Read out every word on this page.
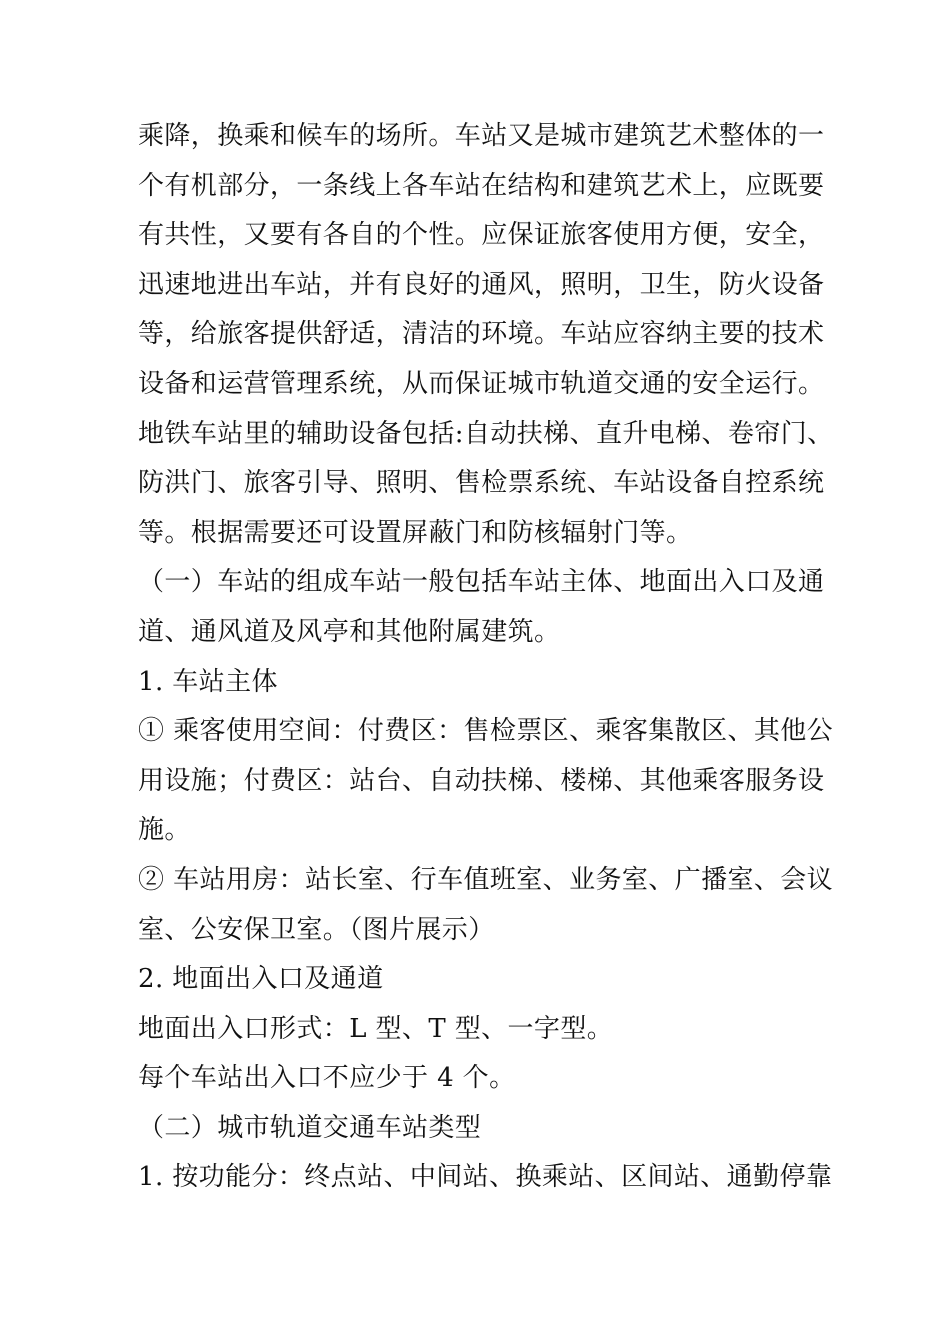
乘降，换乘和候车的场所。车站又是城市建筑艺术整体的一
个有机部分，一条线上各车站在结构和建筑艺术上，应既要
有共性，又要有各自的个性。应保证旅客使用方便，安全，
迅速地进出车站，并有良好的通风，照明，卫生，防火设备
等，给旅客提供舒适，清洁的环境。车站应容纳主要的技术
设备和运营管理系统，从而保证城市轨道交通的安全运行。
地铁车站里的辅助设备包括:自动扶梯、直升电梯、卷帘门、
防洪门、旅客引导、照明、售检票系统、车站设备自控系统
等。根据需要还可设置屏蔽门和防核辐射门等。
（一）车站的组成车站一般包括车站主体、地面出入口及通
道、通风道及风亭和其他附属建筑。
1. 车站主体
① 乘客使用空间：付费区：售检票区、乘客集散区、其他公
用设施；付费区：站台、自动扶梯、楼梯、其他乘客服务设
施。
② 车站用房：站长室、行车值班室、业务室、广播室、会议
室、公安保卫室。（图片展示）
2. 地面出入口及通道
地面出入口形式：L 型、T 型、一字型。
每个车站出入口不应少于 4 个。
（二）城市轨道交通车站类型
1. 按功能分：终点站、中间站、换乘站、区间站、通勤停靠
